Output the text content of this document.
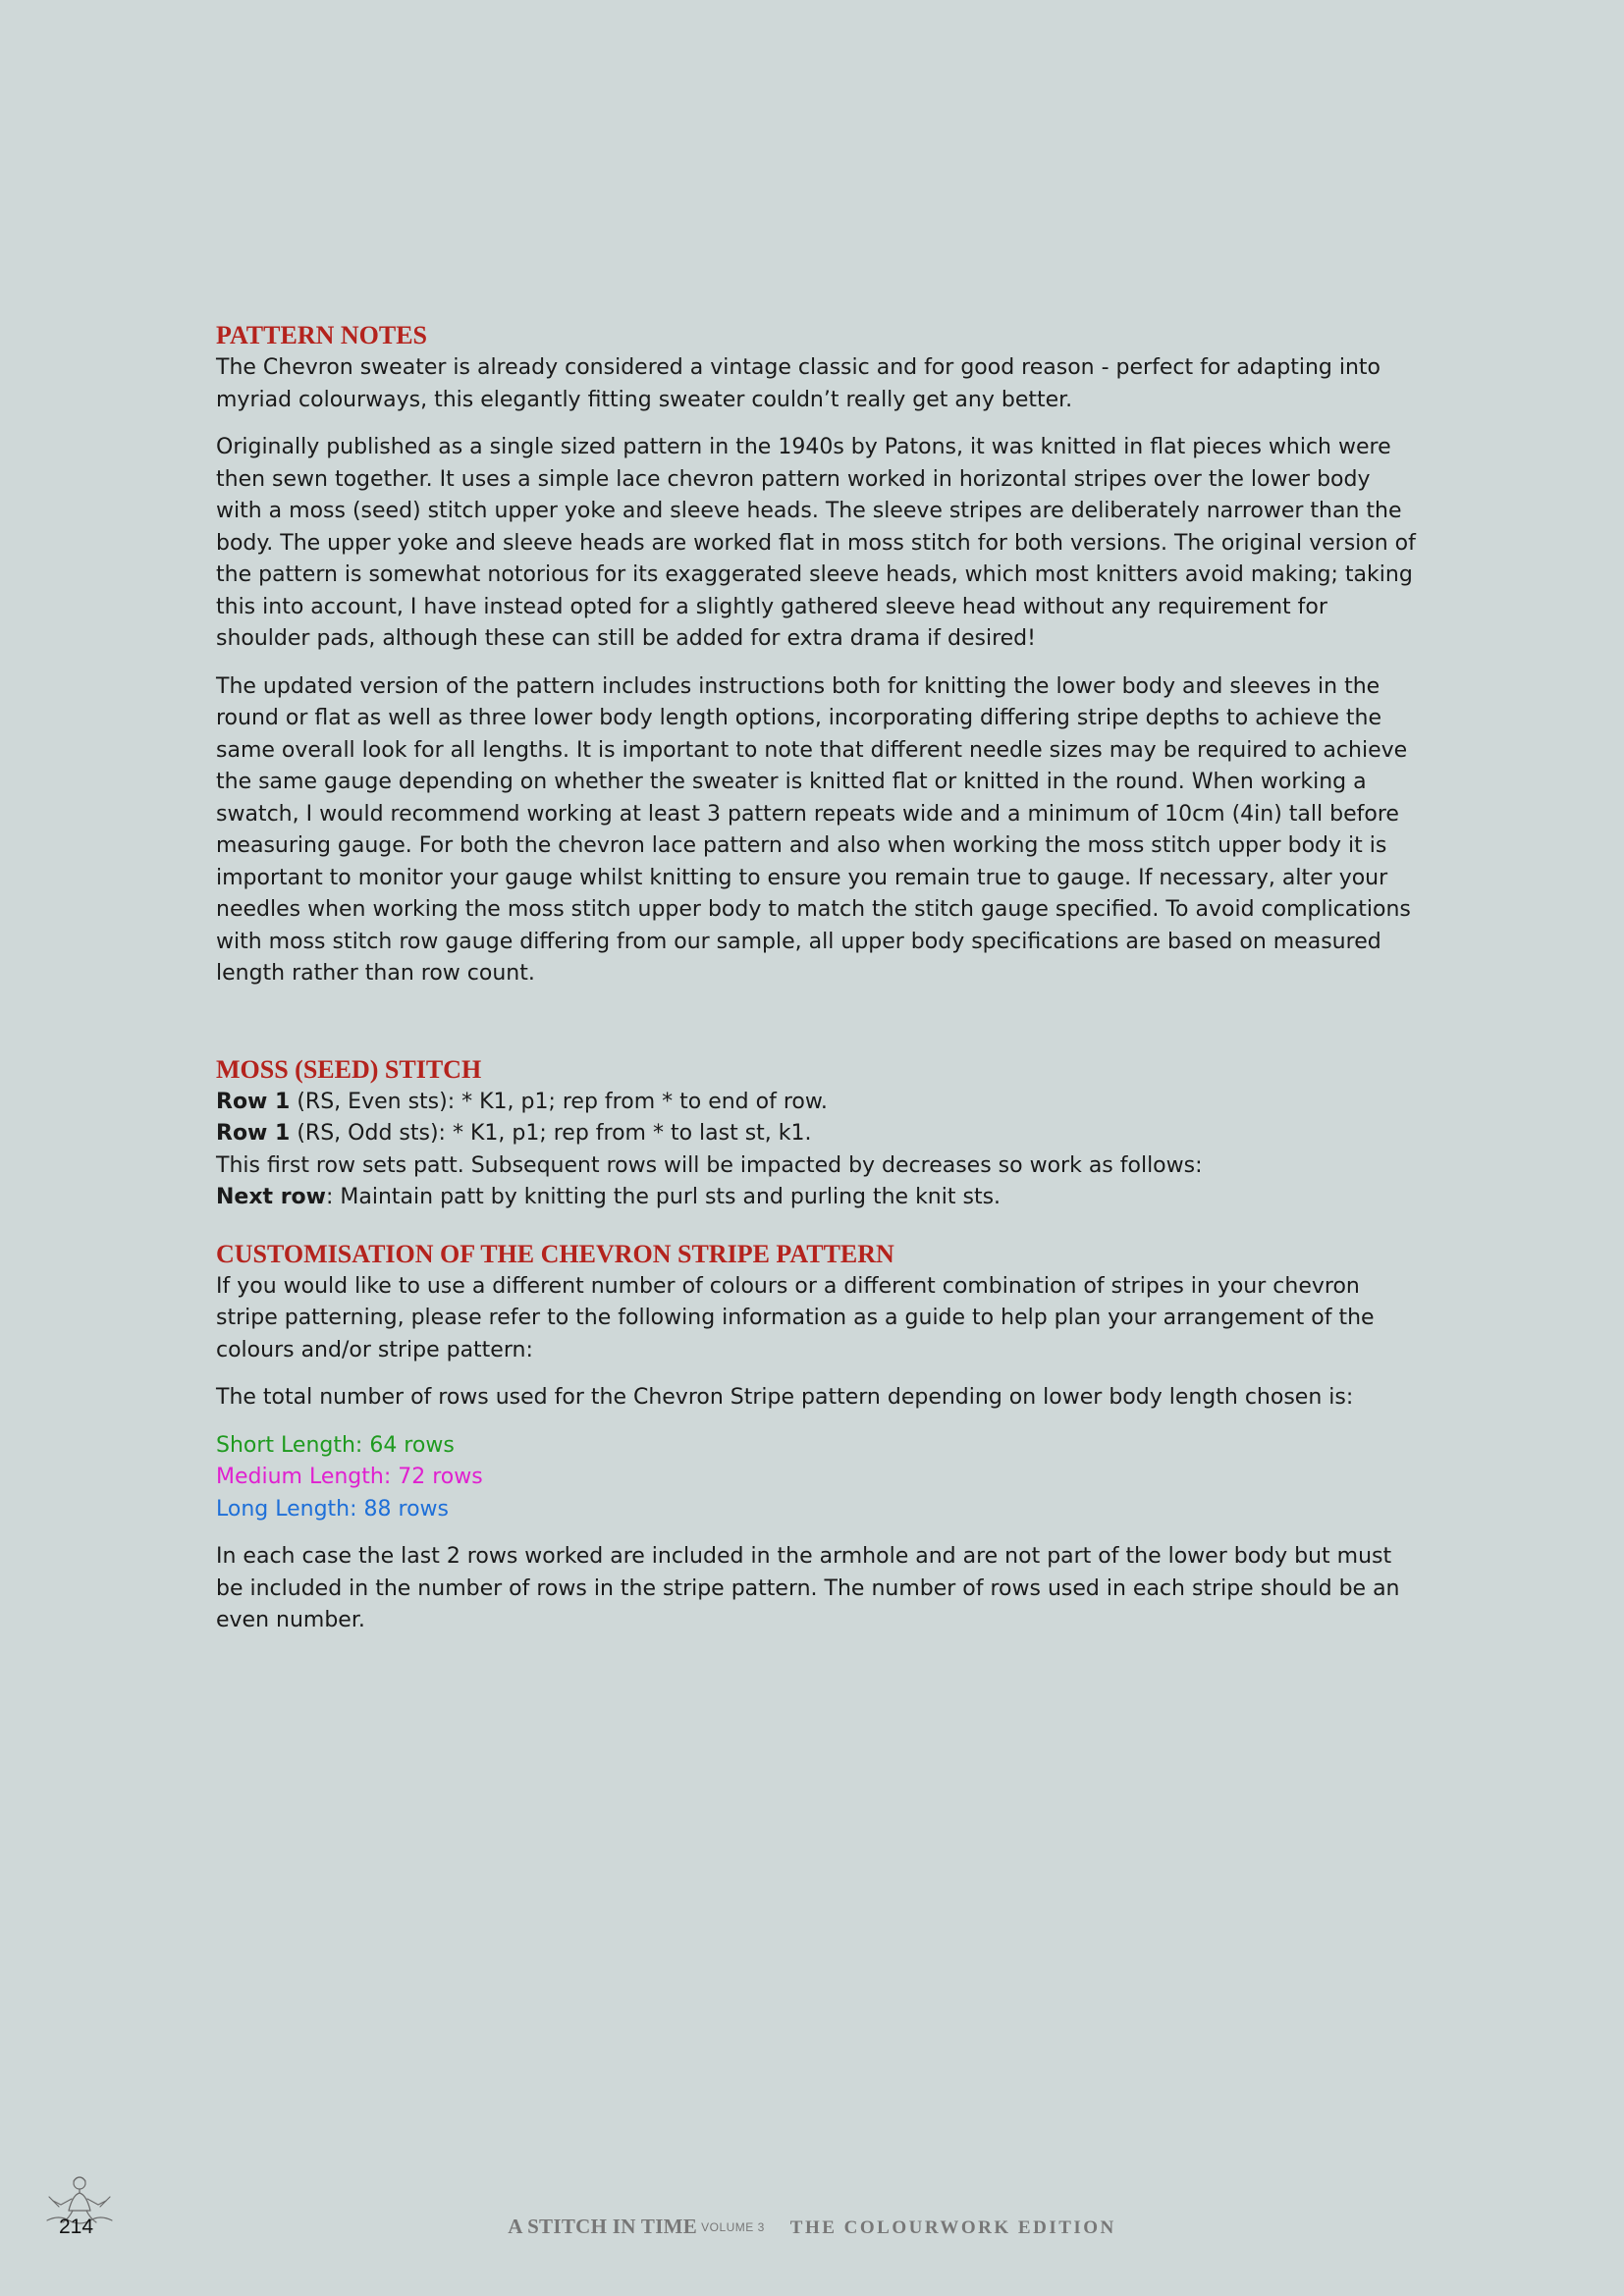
PATTERN NOTES

The Chevron sweater is already considered a vintage classic and for good reason - perfect for adapting into myriad colourways, this elegantly fitting sweater couldn’t really get any better.

Originally published as a single sized pattern in the 1940s by Patons, it was knitted in flat pieces which were then sewn together. It uses a simple lace chevron pattern worked in horizontal stripes over the lower body with a moss (seed) stitch upper yoke and sleeve heads. The sleeve stripes are deliberately narrower than the body. The upper yoke and sleeve heads are worked flat in moss stitch for both versions. The original version of the pattern is somewhat notorious for its exaggerated sleeve heads, which most knitters avoid making; taking this into account, I have instead opted for a slightly gathered sleeve head without any requirement for shoulder pads, although these can still be added for extra drama if desired!

The updated version of the pattern includes instructions both for knitting the lower body and sleeves in the round or flat as well as three lower body length options, incorporating differing stripe depths to achieve the same overall look for all lengths. It is important to note that different needle sizes may be required to achieve the same gauge depending on whether the sweater is knitted flat or knitted in the round. When working a swatch, I would recommend working at least 3 pattern repeats wide and a minimum of 10cm (4in) tall before measuring gauge. For both the chevron lace pattern and also when working the moss stitch upper body it is important to monitor your gauge whilst knitting to ensure you remain true to gauge. If necessary, alter your needles when working the moss stitch upper body to match the stitch gauge specified. To avoid complications with moss stitch row gauge differing from our sample, all upper body specifications are based on measured length rather than row count.

MOSS (SEED) STITCH

Row 1 (RS, Even sts): * K1, p1; rep from * to end of row.

Row 1 (RS, Odd sts): * K1, p1; rep from * to last st, k1.

This first row sets patt. Subsequent rows will be impacted by decreases so work as follows:

Next row: Maintain patt by knitting the purl sts and purling the knit sts.

CUSTOMISATION OF THE CHEVRON STRIPE PATTERN

If you would like to use a different number of colours or a different combination of stripes in your chevron stripe patterning, please refer to the following information as a guide to help plan your arrangement of the colours and/or stripe pattern:

The total number of rows used for the Chevron Stripe pattern depending on lower body length chosen is:

Short Length: 64 rows

Medium Length: 72 rows

Long Length: 88 rows

In each case the last 2 rows worked are included in the armhole and are not part of the lower body but must be included in the number of rows in the stripe pattern. The number of rows used in each stripe should be an even number.

214	A STITCH IN TIME VOLUME 3 THE COLOURWORK EDITION
